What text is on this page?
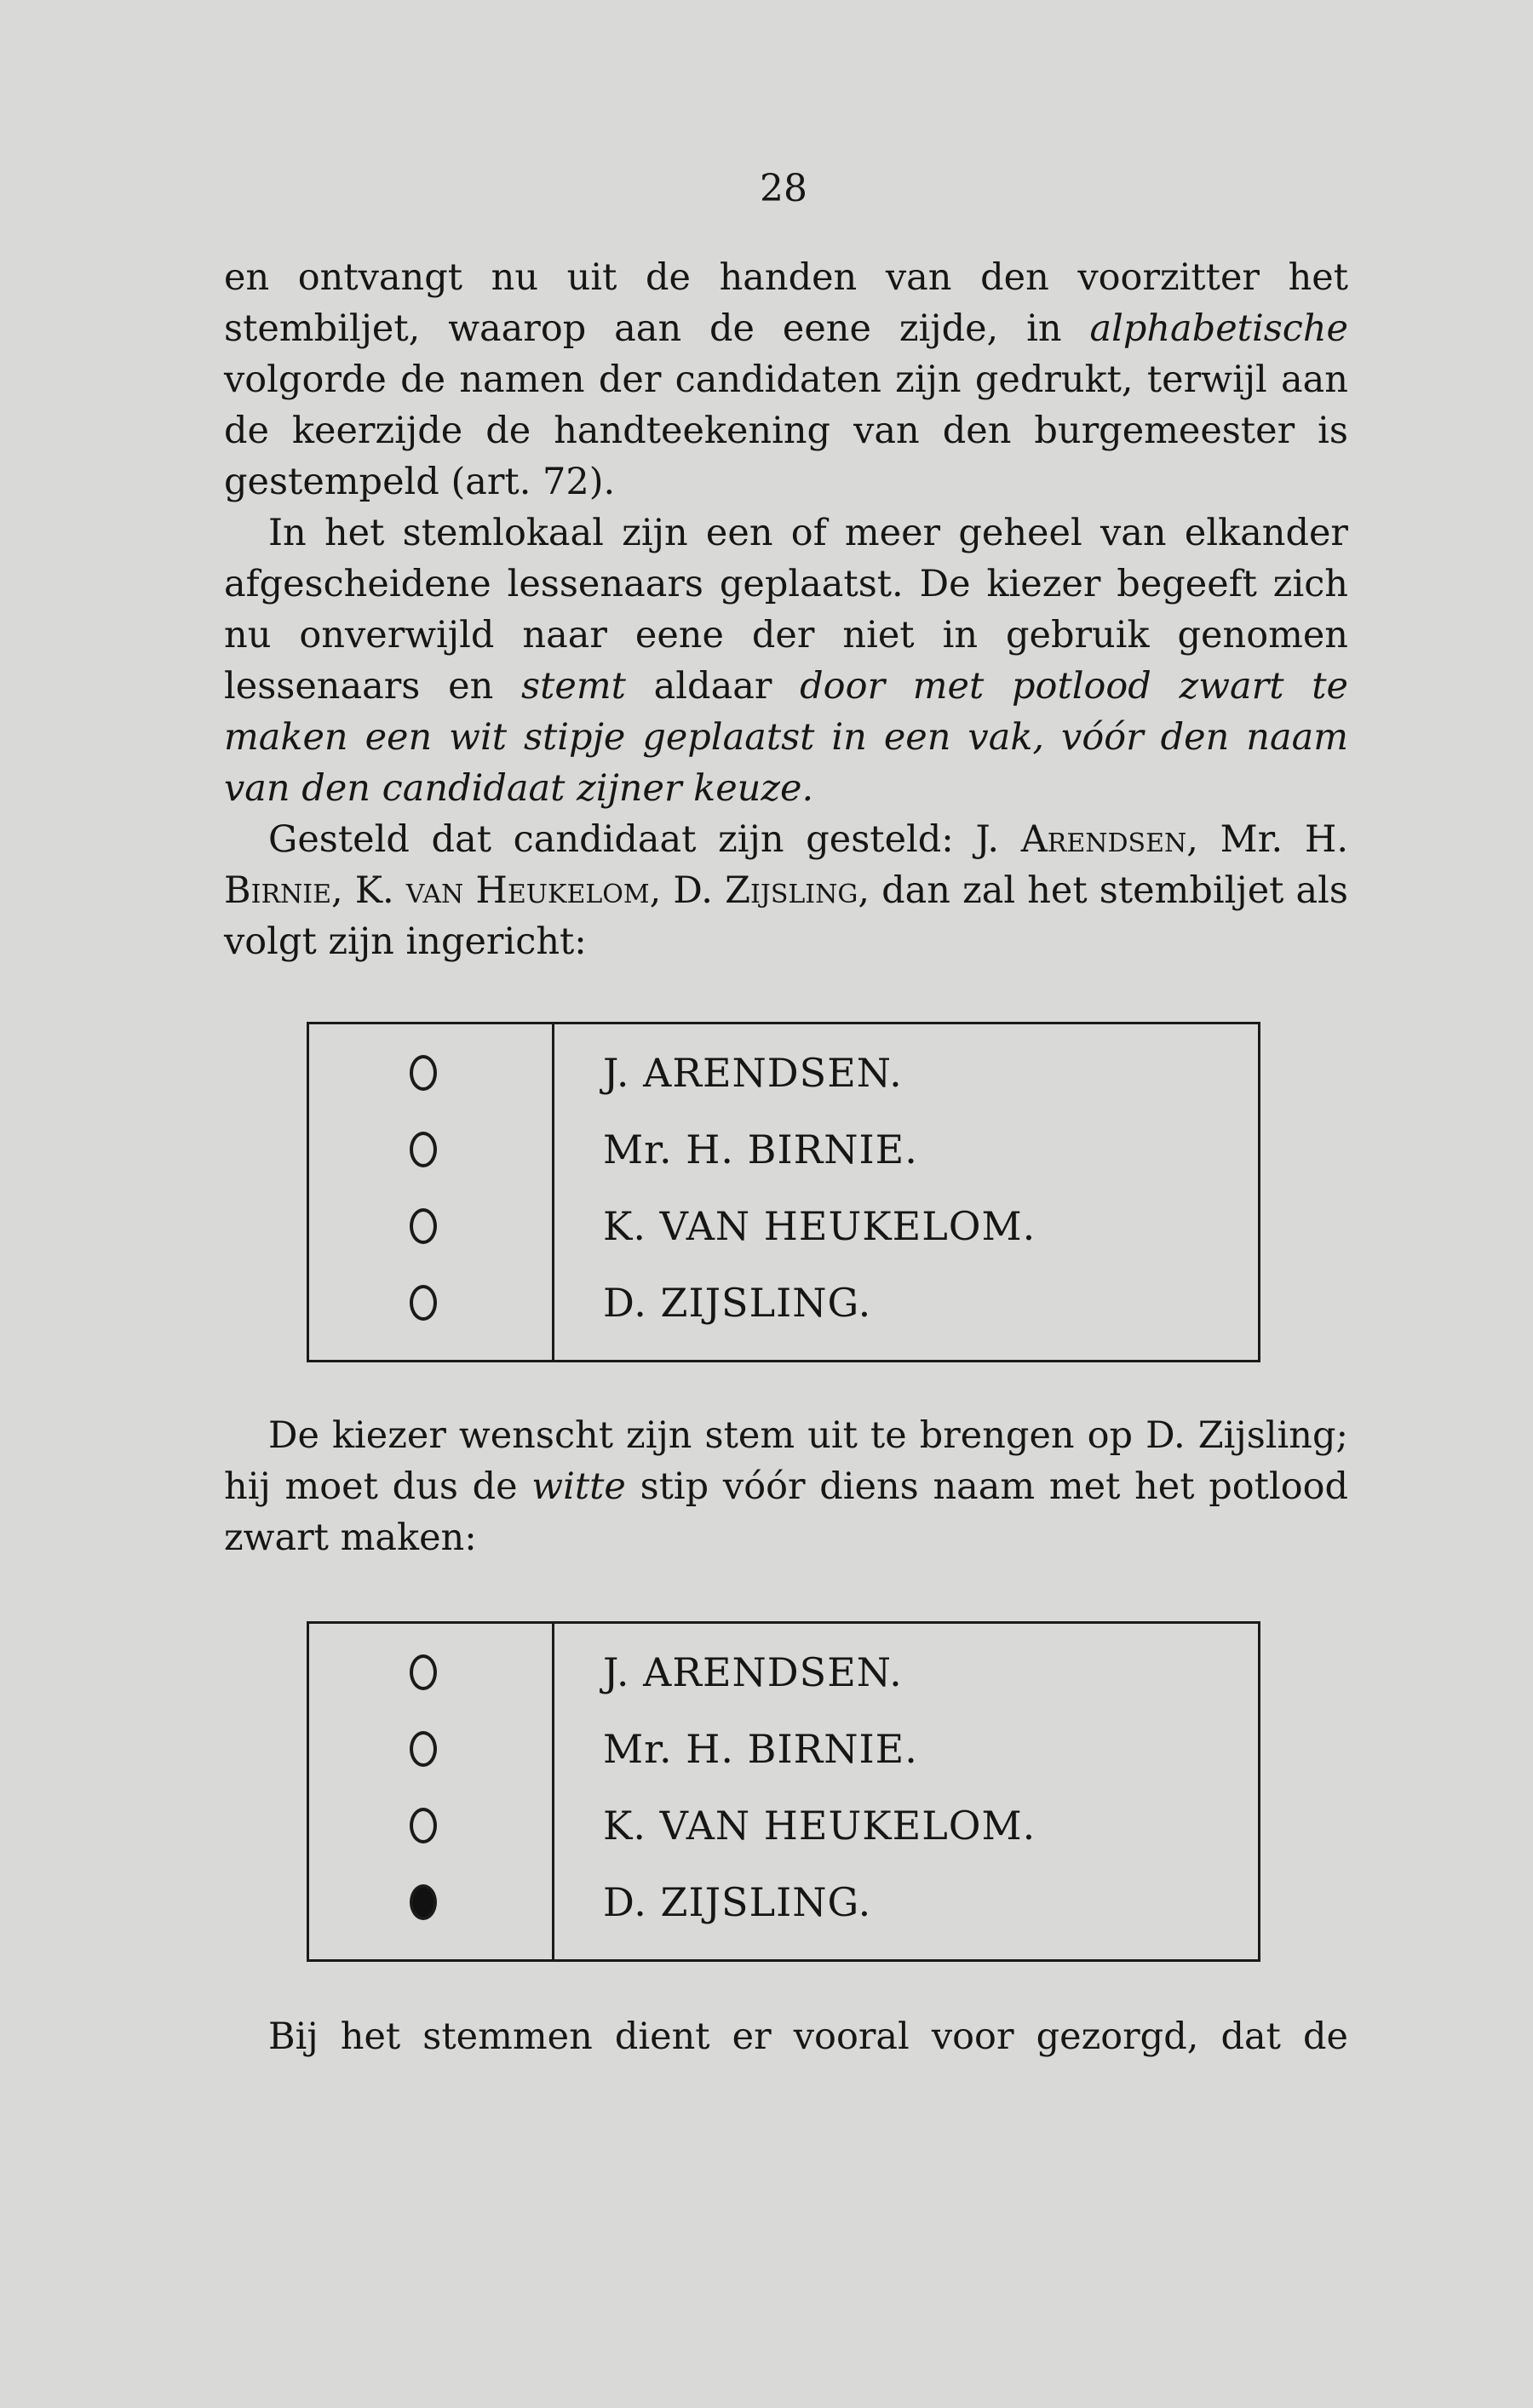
28

en ontvangt nu uit de handen van den voorzitter het stembiljet, waarop aan de eene zijde, in alphabetische volgorde de namen der candidaten zijn gedrukt, terwijl aan de keerzijde de handteekening van den burgemeester is gestempeld (art. 72).

In het stemlokaal zijn een of meer geheel van elkander afgescheidene lessenaars geplaatst. De kiezer begeeft zich nu onverwijld naar eene der niet in gebruik genomen lessenaars en stemt aldaar door met potlood zwart te maken een wit stipje geplaatst in een vak, vóór den naam van den candidaat zijner keuze.

Gesteld dat candidaat zijn gesteld: J. Arendsen, Mr. H. Birnie, K. van Heukelom, D. Zijsling, dan zal het stembiljet als volgt zijn ingericht:

J. ARENDSEN.
Mr. H. BIRNIE.
K. VAN HEUKELOM.
D. ZIJSLING.

De kiezer wenscht zijn stem uit te brengen op D. Zijsling; hij moet dus de witte stip vóór diens naam met het potlood zwart maken:

J. ARENDSEN.
Mr. H. BIRNIE.
K. VAN HEUKELOM.
D. ZIJSLING.

Bij het stemmen dient er vooral voor gezorgd, dat de
